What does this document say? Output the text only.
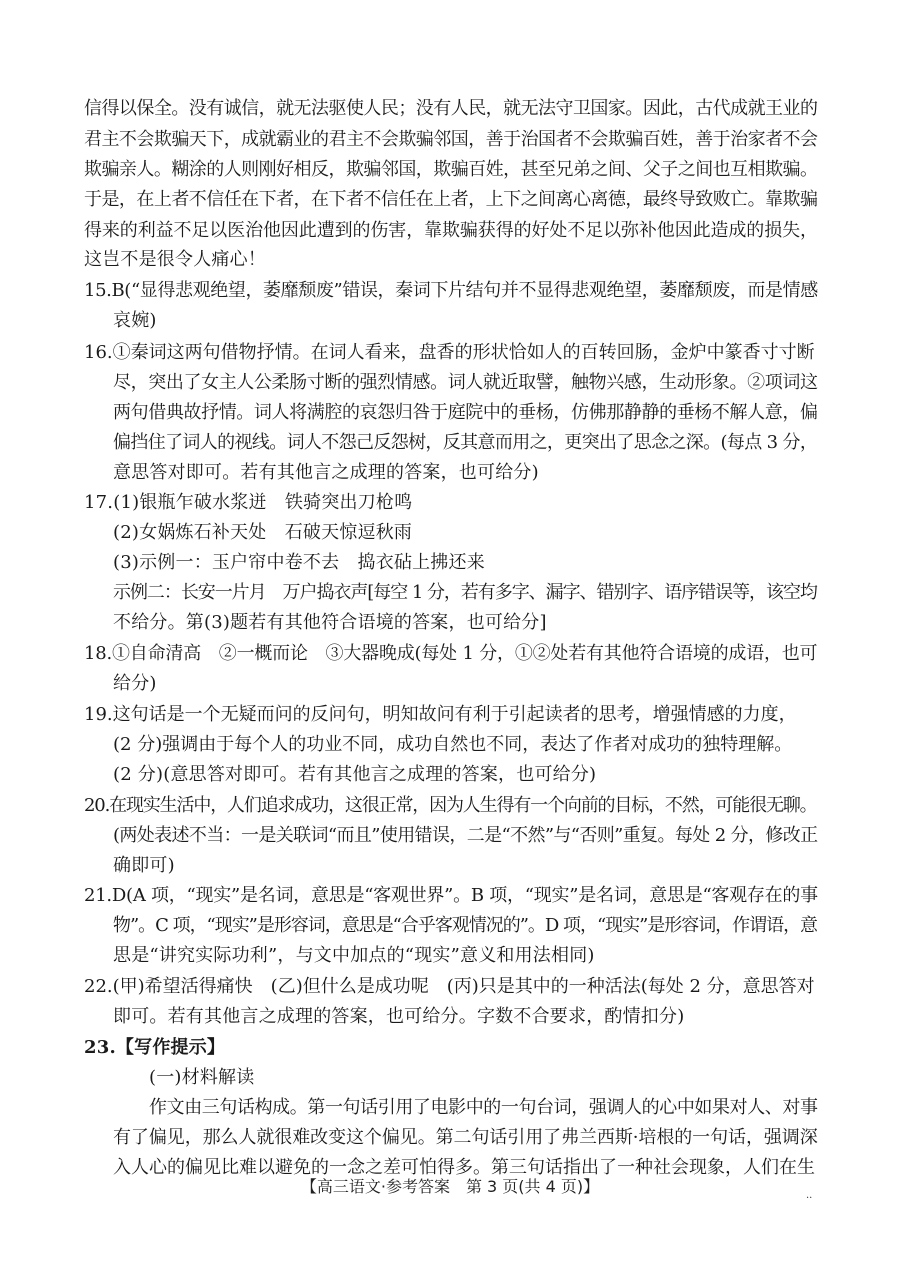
信得以保全。没有诚信，就无法驱使人民；没有人民，就无法守卫国家。因此，古代成就王业的
君主不会欺骗天下，成就霸业的君主不会欺骗邻国，善于治国者不会欺骗百姓，善于治家者不会
欺骗亲人。糊涂的人则刚好相反，欺骗邻国，欺骗百姓，甚至兄弟之间、父子之间也互相欺骗。
于是，在上者不信任在下者，在下者不信任在上者，上下之间离心离德，最终导致败亡。靠欺骗
得来的利益不足以医治他因此遭到的伤害，靠欺骗获得的好处不足以弥补他因此造成的损失，
这岂不是很令人痛心！
15.B(“显得悲观绝望，萎靡颓废”错误，秦词下片结句并不显得悲观绝望，萎靡颓废，而是情感
哀婉)
16.①秦词这两句借物抒情。在词人看来，盘香的形状恰如人的百转回肠，金炉中篆香寸寸断
尽，突出了女主人公柔肠寸断的强烈情感。词人就近取譬，触物兴感，生动形象。②项词这
两句借典故抒情。词人将满腔的哀怨归咎于庭院中的垂杨，仿佛那静静的垂杨不解人意，偏
偏挡住了词人的视线。词人不怨己反怨树，反其意而用之，更突出了思念之深。(每点 3 分，
意思答对即可。若有其他言之成理的答案，也可给分)
17.(1)银瓶乍破水浆迸　铁骑突出刀枪鸣
(2)女娲炼石补天处　石破天惊逗秋雨
(3)示例一：玉户帘中卷不去　捣衣砧上拂还来
示例二：长安一片月　万户捣衣声[每空 1 分，若有多字、漏字、错别字、语序错误等，该空均
不给分。第(3)题若有其他符合语境的答案，也可给分]
18.①自命清高　②一概而论　③大器晚成(每处 1 分，①②处若有其他符合语境的成语，也可
给分)
19.这句话是一个无疑而问的反问句，明知故问有利于引起读者的思考，增强情感的力度，
(2 分)强调由于每个人的功业不同，成功自然也不同，表达了作者对成功的独特理解。
(2 分)(意思答对即可。若有其他言之成理的答案，也可给分)
20.在现实生活中，人们追求成功，这很正常，因为人生得有一个向前的目标，不然，可能很无聊。
(两处表述不当：一是关联词“而且”使用错误，二是“不然”与“否则”重复。每处 2 分，修改正
确即可)
21.D(A 项，“现实”是名词，意思是“客观世界”。B 项，“现实”是名词，意思是“客观存在的事
物”。C 项，“现实”是形容词，意思是“合乎客观情况的”。D 项，“现实”是形容词，作谓语，意
思是“讲究实际功利”，与文中加点的“现实”意义和用法相同)
22.(甲)希望活得痛快　(乙)但什么是成功呢　(丙)只是其中的一种活法(每处 2 分，意思答对
即可。若有其他言之成理的答案，也可给分。字数不合要求，酌情扣分)
23.【写作提示】
(一)材料解读
作文由三句话构成。第一句话引用了电影中的一句台词，强调人的心中如果对人、对事
有了偏见，那么人就很难改变这个偏见。第二句话引用了弗兰西斯·培根的一句话，强调深
入人心的偏见比难以避免的一念之差可怕得多。第三句话指出了一种社会现象，人们在生
【高三语文·参考答案　第 3 页(共 4 页)】	..
